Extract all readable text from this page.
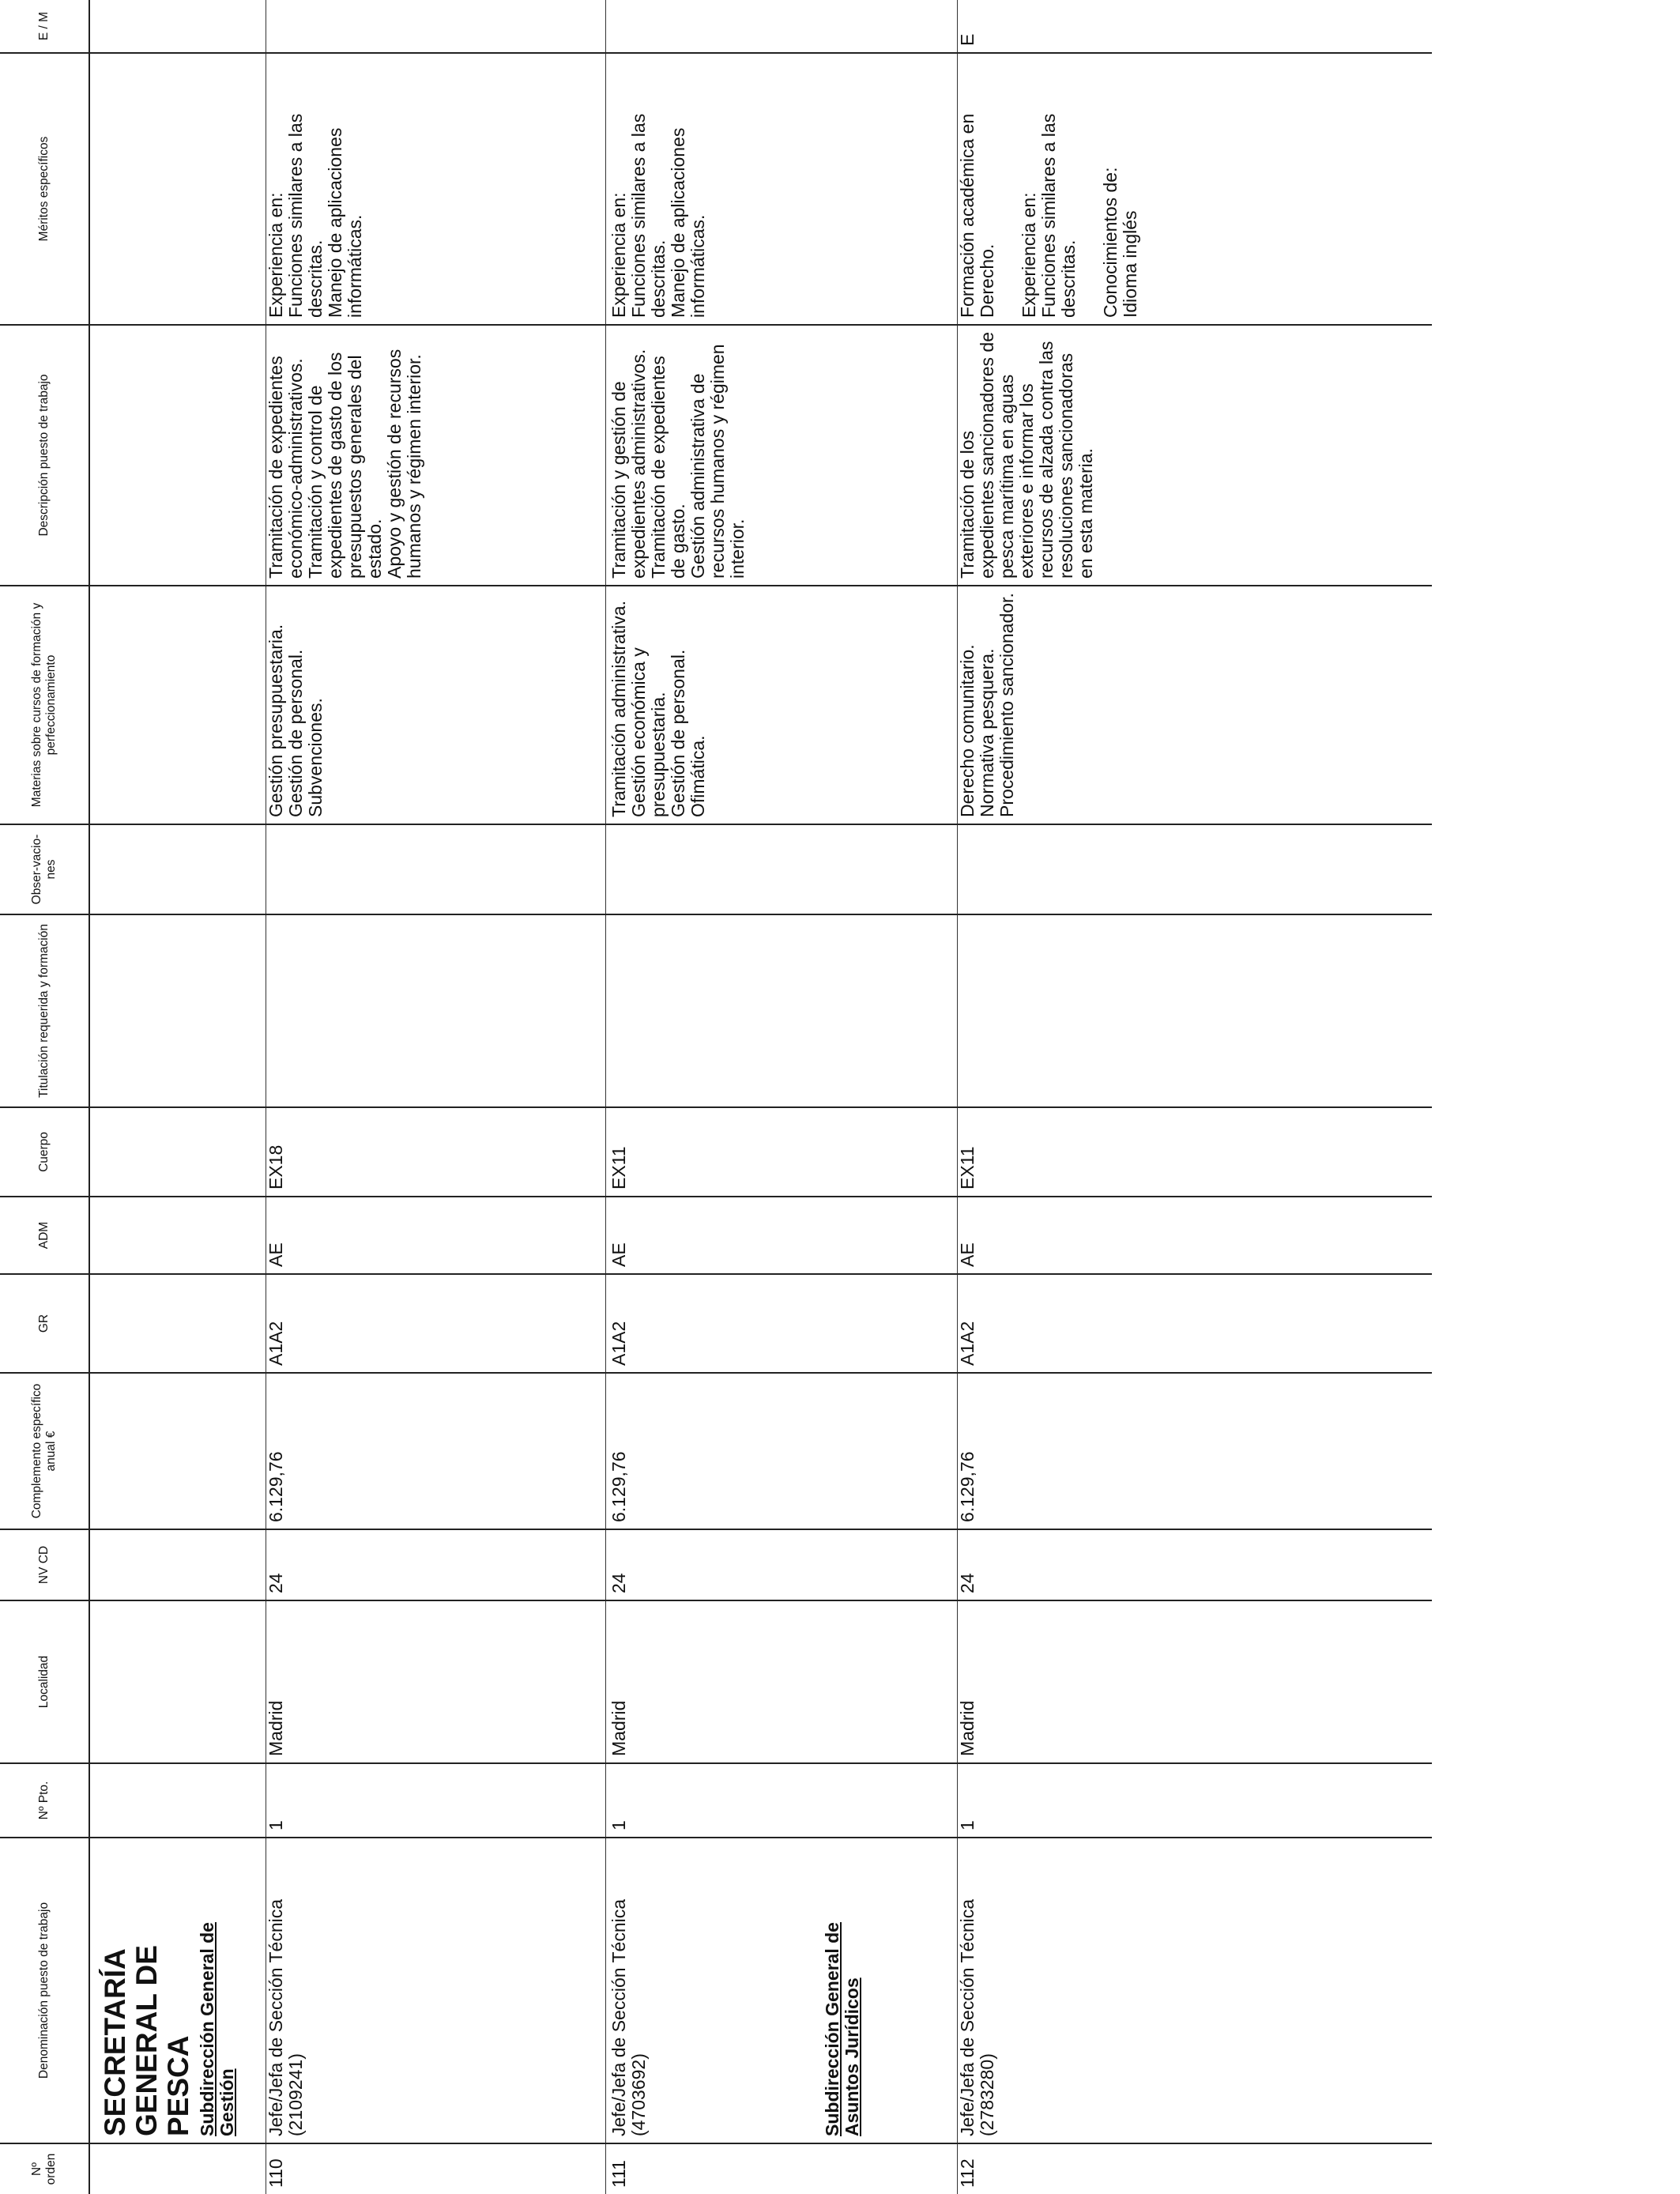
Nº orden	Denominación puesto de trabajo	Nº Pto.	Localidad	NV CD	Complemento específico anual €	GR	ADM	Cuerpo	Titulación requerida y formación	Obser-vacio-nes	Materias sobre cursos de formación y perfeccionamiento	Descripción puesto de trabajo	Méritos específicos	E / M

	SECRETARÍA GENERAL DE PESCA													

	Subdirección General de Gestión													

110	Jefe/Jefa de Sección Técnica (2109241)	1	Madrid	24	6.129,76	A1A2	AE	EX18			Gestión presupuestaria. Gestión de personal. Subvenciones.	Tramitación de expedientes económico-administrativos. Tramitación y control de expedientes de gasto de los presupuestos generales del estado. Apoyo y gestión de recursos humanos y régimen interior.	Experiencia en: Funciones similares a las descritas. Manejo de aplicaciones informáticas.	

111	Jefe/Jefa de Sección Técnica (4703692) Subdirección General de Asuntos Jurídicos	1	Madrid	24	6.129,76	A1A2	AE	EX11			Tramitación administrativa. Gestión económica y presupuestaria. Gestión de personal. Ofimática.	Tramitación y gestión de expedientes administrativos. Tramitación de expedientes de gasto. Gestión administrativa de recursos humanos y régimen interior.	Experiencia en: Funciones similares a las descritas. Manejo de aplicaciones informáticas.	

112	Jefe/Jefa de Sección Técnica (2783280)	1	Madrid	24	6.129,76	A1A2	AE	EX11			Derecho comunitario. Normativa pesquera. Procedimiento sancionador.	Tramitación de los expedientes sancionadores de pesca marítima en aguas exteriores e informar los recursos de alzada contra las resoluciones sancionadoras en esta materia.	Formación académica en Derecho. Experiencia en: Funciones similares a las descritas. Conocimientos de: Idioma inglés	E
